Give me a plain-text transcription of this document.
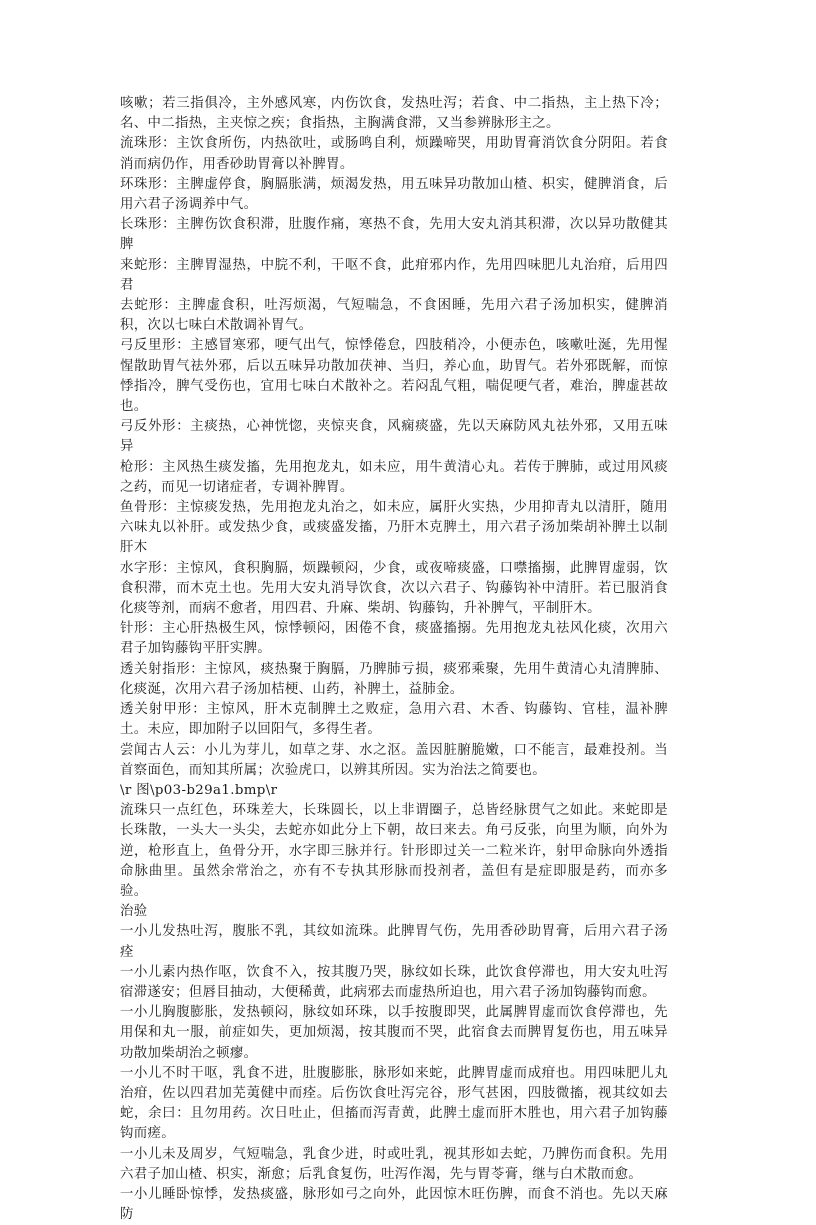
咳嗽；若三指俱冷，主外感风寒，内伤饮食，发热吐泻；若食、中二指热，主上热下冷；名、中二指热，主夹惊之疾；食指热，主胸满食滞，又当参辨脉形主之。

流珠形：主饮食所伤，内热欲吐，或肠鸣自利，烦躁啼哭，用助胃膏消饮食分阴阳。若食消而病仍作，用香砂助胃膏以补脾胃。

环珠形：主脾虚停食，胸膈胀满，烦渴发热，用五味异功散加山楂、枳实，健脾消食，后用六君子汤调养中气。

长珠形：主脾伤饮食积滞，肚腹作痛，寒热不食，先用大安丸消其积滞，次以异功散健其脾

来蛇形：主脾胃湿热，中脘不利，干呕不食，此疳邪内作，先用四味肥儿丸治疳，后用四君

去蛇形：主脾虚食积，吐泻烦渴，气短喘急，不食困睡，先用六君子汤加枳实，健脾消积，次以七味白术散调补胃气。

弓反里形：主感冒寒邪，哽气出气，惊悸倦怠，四肢稍冷，小便赤色，咳嗽吐涎，先用惺惺散助胃气祛外邪，后以五味异功散加茯神、当归，养心血，助胃气。若外邪既解，而惊悸指冷，脾气受伤也，宜用七味白术散补之。若闷乱气粗，喘促哽气者，难治，脾虚甚故也。

弓反外形：主痰热，心神恍惚，夹惊夹食，风痫痰盛，先以天麻防风丸祛外邪，又用五味异

枪形：主风热生痰发搐，先用抱龙丸，如未应，用牛黄清心丸。若传于脾肺，或过用风痰之药，而见一切诸症者，专调补脾胃。

鱼骨形：主惊痰发热，先用抱龙丸治之，如未应，属肝火实热，少用抑青丸以清肝，随用六味丸以补肝。或发热少食，或痰盛发搐，乃肝木克脾土，用六君子汤加柴胡补脾土以制肝木

水字形：主惊风，食积胸膈，烦躁顿闷，少食，或夜啼痰盛，口噤搐搦，此脾胃虚弱，饮食积滞，而木克土也。先用大安丸消导饮食，次以六君子、钩藤钩补中清肝。若已服消食化痰等剂，而病不愈者，用四君、升麻、柴胡、钩藤钩，升补脾气，平制肝木。

针形：主心肝热极生风，惊悸顿闷，困倦不食，痰盛搐搦。先用抱龙丸祛风化痰，次用六君子加钩藤钩平肝实脾。

透关射指形：主惊风，痰热聚于胸膈，乃脾肺亏损，痰邪乘聚，先用牛黄清心丸清脾肺、化痰涎，次用六君子汤加桔梗、山药，补脾土，益肺金。

透关射甲形：主惊风，肝木克制脾土之败症，急用六君、木香、钩藤钩、官桂，温补脾土。未应，即加附子以回阳气，多得生者。

尝闻古人云：小儿为芽儿，如草之芽、水之沤。盖因脏腑脆嫩，口不能言，最难投剂。当首察面色，而知其所属；次验虎口，以辨其所因。实为治法之简要也。

\r 图\p03-b29a1.bmp\r

流珠只一点红色，环珠差大，长珠圆长，以上非谓圈子，总皆经脉贯气之如此。来蛇即是长珠散，一头大一头尖，去蛇亦如此分上下朝，故曰来去。角弓反张，向里为顺，向外为逆，枪形直上，鱼骨分开，水字即三脉并行。针形即过关一二粒米许，射甲命脉向外透指命脉曲里。虽然余常治之，亦有不专执其形脉而投剂者，盖但有是症即服是药，而亦多验。

治验

一小儿发热吐泻，腹胀不乳，其纹如流珠。此脾胃气伤，先用香砂助胃膏，后用六君子汤痊

一小儿素内热作呕，饮食不入，按其腹乃哭，脉纹如长珠，此饮食停滞也，用大安丸吐泻宿滞遂安；但唇目抽动，大便稀黄，此病邪去而虚热所迫也，用六君子汤加钩藤钩而愈。

一小儿胸腹膨胀，发热顿闷，脉纹如环珠，以手按腹即哭，此属脾胃虚而饮食停滞也，先用保和丸一服，前症如失，更加烦渴，按其腹而不哭，此宿食去而脾胃复伤也，用五味异功散加柴胡治之顿瘳。

一小儿不时干呕，乳食不进，肚腹膨胀，脉形如来蛇，此脾胃虚而成疳也。用四味肥儿丸治疳，佐以四君加芜荑健中而痊。后伤饮食吐泻完谷，形气甚困，四肢微搐，视其纹如去蛇，余曰：且勿用药。次日吐止，但搐而泻青黄，此脾土虚而肝木胜也，用六君子加钩藤钩而瘥。

一小儿未及周岁，气短喘急，乳食少进，时或吐乳，视其形如去蛇，乃脾伤而食积。先用六君子加山楂、枳实，渐愈；后乳食复伤，吐泻作渴，先与胃苓膏，继与白术散而愈。

一小儿睡卧惊悸，发热痰盛，脉形如弓之向外，此因惊木旺伤脾，而食不消也。先以天麻防
